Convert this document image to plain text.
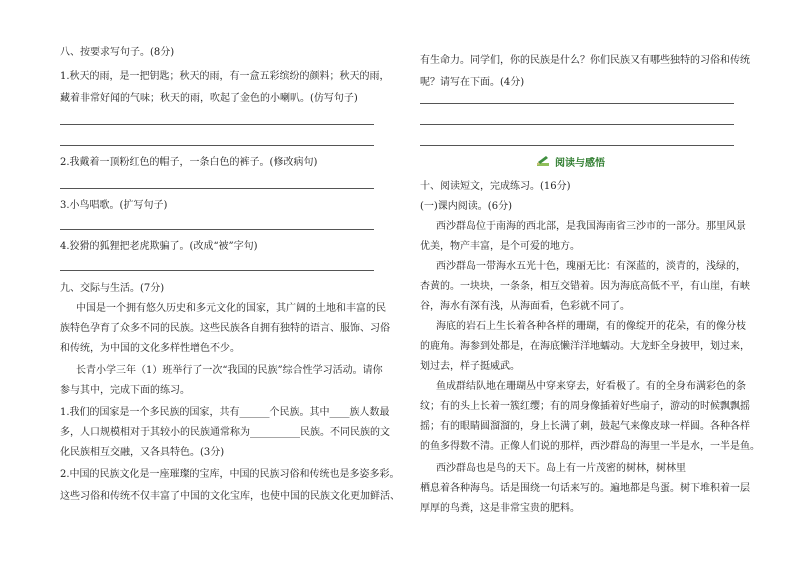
八、按要求写句子。(8分)
1.秋天的雨，是一把钥匙；秋天的雨，有一盒五彩缤纷的颜料；秋天的雨，
藏着非常好闻的气味；秋天的雨，吹起了金色的小喇叭。(仿写句子)
2.我戴着一顶粉红色的帽子，一条白色的裤子。(修改病句)
3.小鸟唱歌。(扩写句子)
4.狡猾的狐狸把老虎欺骗了。(改成“被”字句)
九、交际与生活。(7分)
中国是一个拥有悠久历史和多元文化的国家，其广阔的土地和丰富的民
族特色孕育了众多不同的民族。这些民族各自拥有独特的语言、服饰、习俗
和传统，为中国的文化多样性增色不少。
长青小学三年（1）班举行了一次“我国的民族”综合性学习活动。请你
参与其中，完成下面的练习。
1.我们的国家是一个多民族的国家，共有______个民族。其中____族人数最
多，人口规模相对于其较小的民族通常称为__________民族。不同民族的文
化民族相互交融，又各具特色。(3分)
2.中国的民族文化是一座璀璨的宝库，中国的民族习俗和传统也是多姿多彩。
这些习俗和传统不仅丰富了中国的文化宝库，也使中国的民族文化更加鲜活、
有生命力。同学们，你的民族是什么？你们民族又有哪些独特的习俗和传统
呢？请写在下面。(4分)
阅读与感悟
十、阅读短文，完成练习。(16分)
(一)课内阅读。(6分)
西沙群岛位于南海的西北部，是我国海南省三沙市的一部分。那里风景
优美，物产丰富，是个可爱的地方。
西沙群岛一带海水五光十色，瑰丽无比：有深蓝的，淡青的，浅绿的，
杏黄的。一块块，一条条，相互交错着。因为海底高低不平，有山崖，有峡
谷，海水有深有浅，从海面看，色彩就不同了。
海底的岩石上生长着各种各样的珊瑚，有的像绽开的花朵，有的像分枝
的鹿角。海参到处都是，在海底懒洋洋地蠕动。大龙虾全身披甲，划过来，
划过去，样子挺威武。
鱼成群结队地在珊瑚丛中穿来穿去，好看极了。有的全身布满彩色的条
纹；有的头上长着一簇红缨；有的周身像插着好些扇子，游动的时候飘飘摇
摇；有的眼睛圆溜溜的，身上长满了刺，鼓起气来像皮球一样圆。各种各样
的鱼多得数不清。正像人们说的那样，西沙群岛的海里一半是水，一半是鱼。
西沙群岛也是鸟的天下。岛上有一片茂密的树林，树林里
栖息着各种海鸟。话是围绕一句话来写的。遍地都是鸟蛋。树下堆积着一层
厚厚的鸟粪，这是非常宝贵的肥料。
